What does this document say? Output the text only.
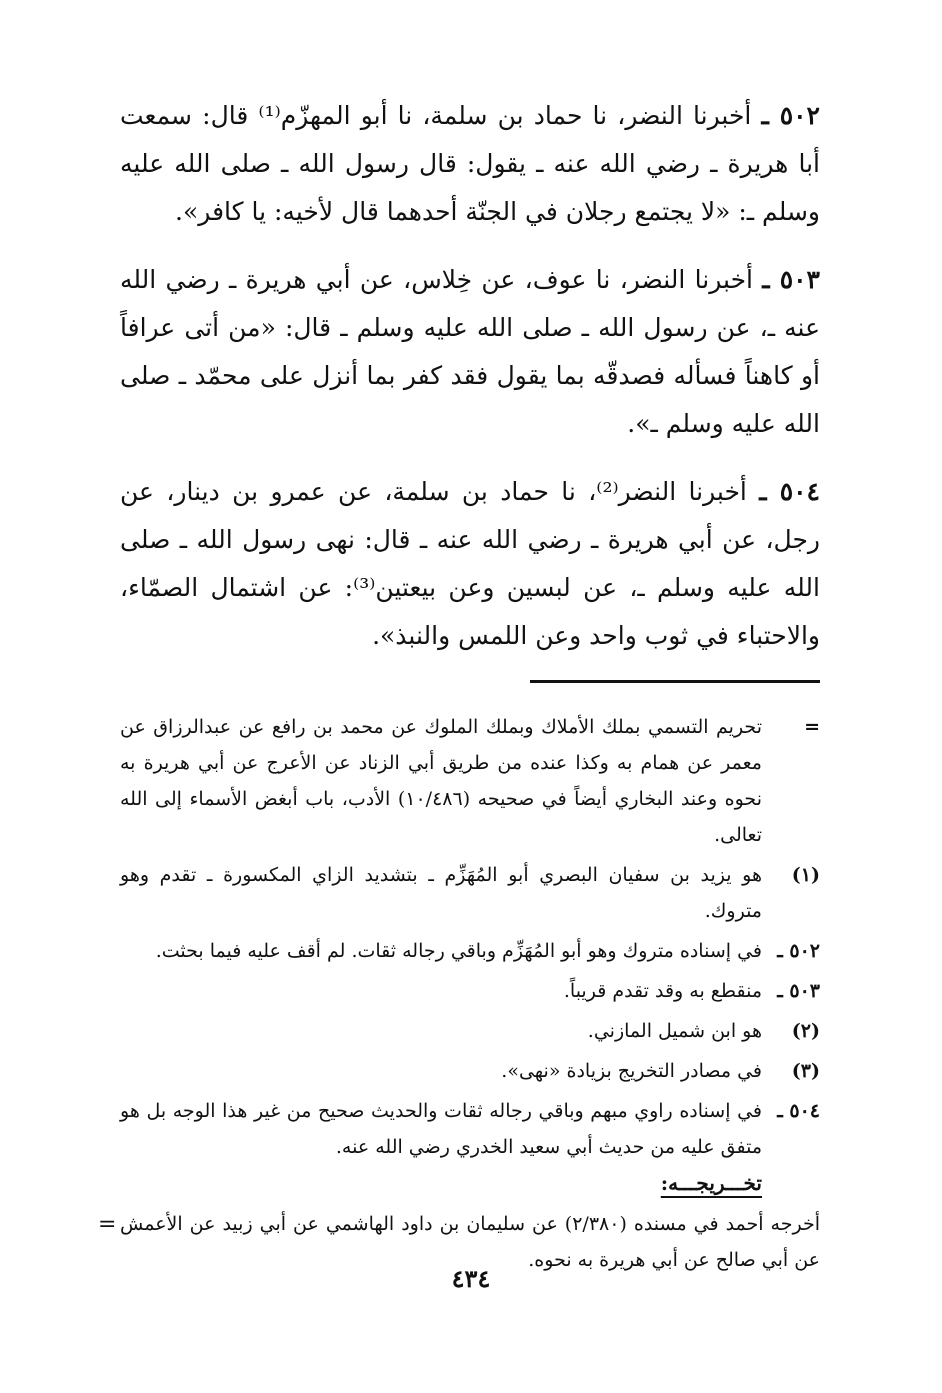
٥٠٢ ـ أخبرنا النضر، نا حماد بن سلمة، نا أبو المهزّم⁽¹⁾ قال: سمعت أبا هريرة ـ رضي الله عنه ـ يقول: قال رسول الله ـ صلى الله عليه وسلم ـ: «لا يجتمع رجلان في الجنّة أحدهما قال لأخيه: يا كافر».

٥٠٣ ـ أخبرنا النضر، نا عوف، عن خِلاس، عن أبي هريرة ـ رضي الله عنه ـ، عن رسول الله ـ صلى الله عليه وسلم ـ قال: «من أتى عرافاً أو كاهناً فسأله فصدقّه بما يقول فقد كفر بما أنزل على محمّد ـ صلى الله عليه وسلم ـ».

٥٠٤ ـ أخبرنا النضر⁽²⁾، نا حماد بن سلمة، عن عمرو بن دينار، عن رجل، عن أبي هريرة ـ رضي الله عنه ـ قال: نهى رسول الله ـ صلى الله عليه وسلم ـ، عن لبسين وعن بيعتين⁽³⁾: عن اشتمال الصمّاء، والاحتباء في ثوب واحد وعن اللمس والنبذ».

=
تحريم التسمي بملك الأملاك وبملك الملوك عن محمد بن رافع عن عبدالرزاق عن معمر عن همام به وكذا عنده من طريق أبي الزناد عن الأعرج عن أبي هريرة به نحوه وعند البخاري أيضاً في صحيحه (١٠/٤٨٦) الأدب، باب أبغض الأسماء إلى الله تعالى.
(١)
هو يزيد بن سفيان البصري أبو المُهَزِّم ـ بتشديد الزاي المكسورة ـ تقدم وهو متروك.
٥٠٢ ـ
في إسناده متروك وهو أبو المُهَزِّم وباقي رجاله ثقات. لم أقف عليه فيما بحثت.
٥٠٣ ـ
منقطع به وقد تقدم قريباً.
(٢)
هو ابن شميل المازني.
(٣)
في مصادر التخريج بزيادة «نهى».
٥٠٤ ـ
في إسناده راوي مبهم وباقي رجاله ثقات والحديث صحيح من غير هذا الوجه بل هو متفق عليه من حديث أبي سعيد الخدري رضي الله عنه.
تخـــريجـــه:
أخرجه أحمد في مسنده (٢/٣٨٠) عن سليمان بن داود الهاشمي عن أبي زبيد عن الأعمش عن أبي صالح عن أبي هريرة به نحوه.
=
٤٣٤
